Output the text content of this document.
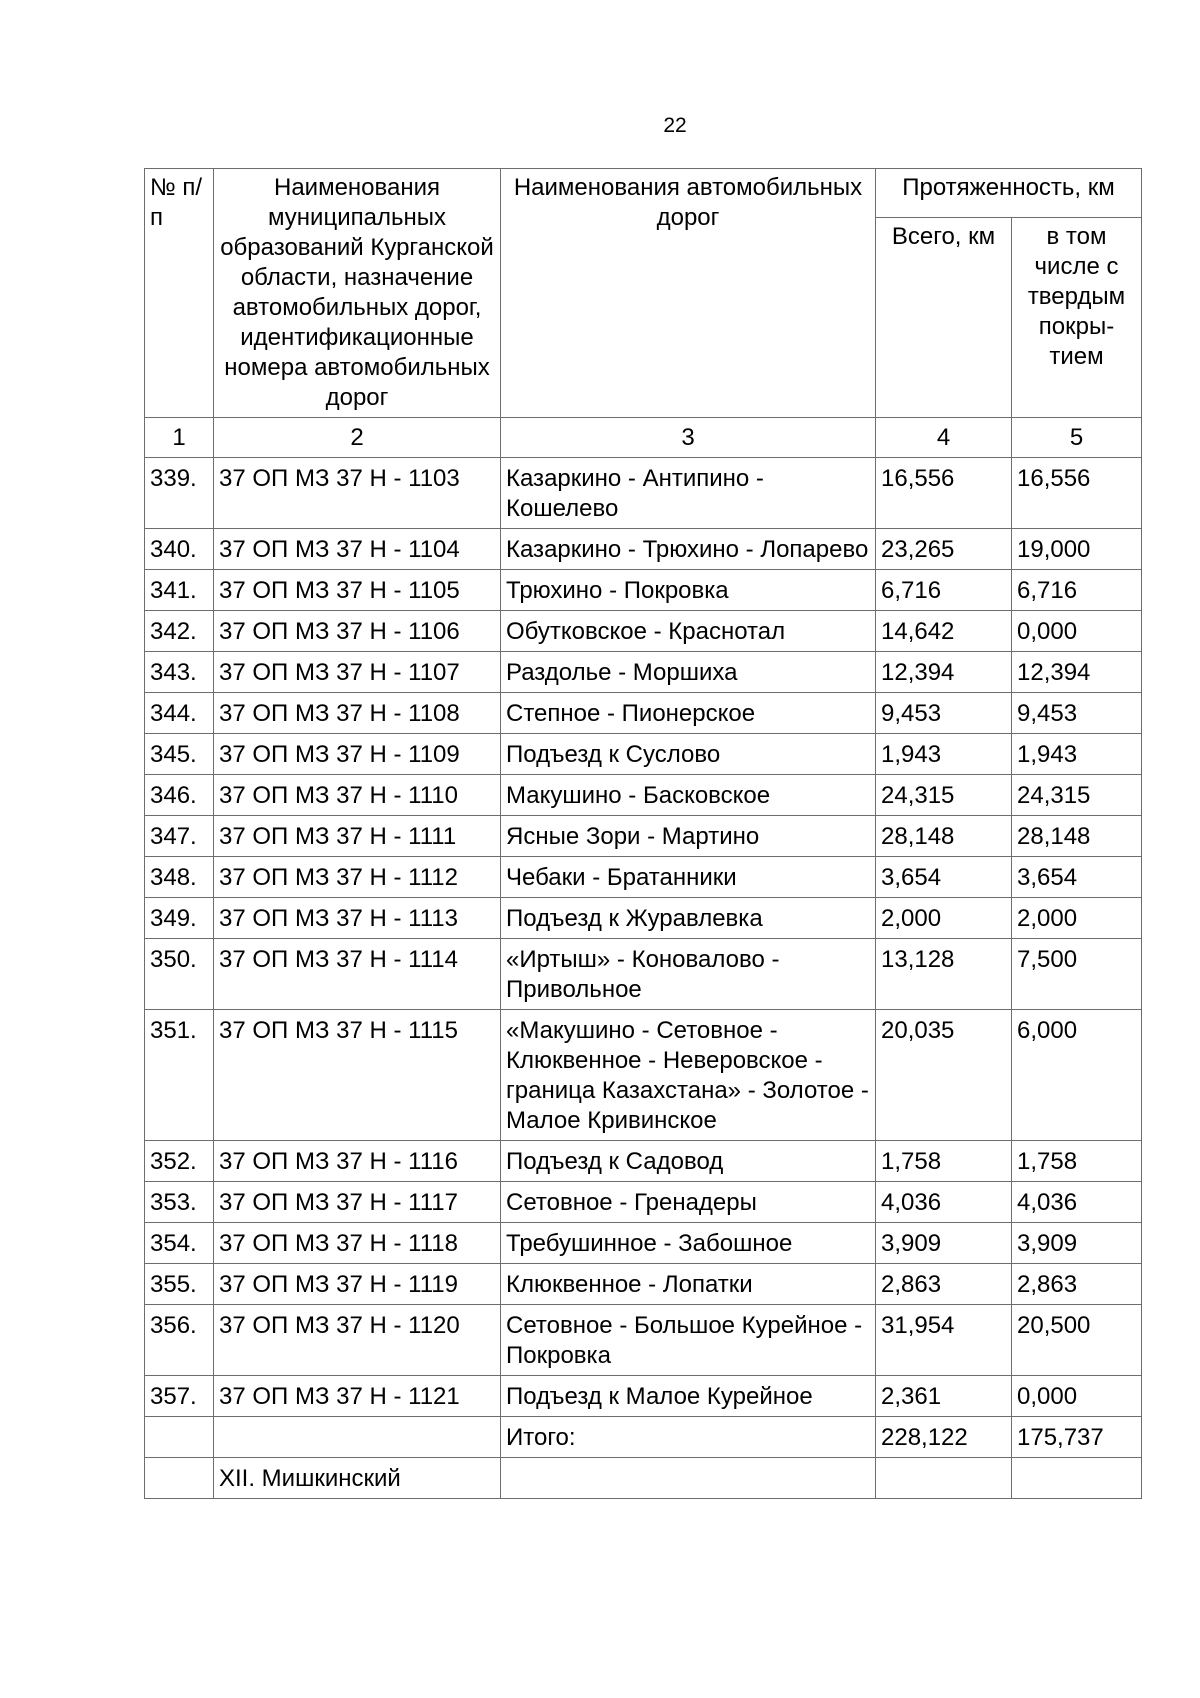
22
№ п/п	Наименования муниципальных образований Курганской области, назначение автомобильных дорог, идентификационные номера автомобильных дорог	Наименования автомобильных дорог	Протяженность, км	
			Всего, км	в том числе с твердым покры-тием
1	2	3	4	5
339.	37 ОП МЗ 37 Н - 1103	Казаркино - Антипино - Кошелево	16,556	16,556
340.	37 ОП МЗ 37 Н - 1104	Казаркино - Трюхино - Лопарево	23,265	19,000
341.	37 ОП МЗ 37 Н - 1105	Трюхино - Покровка	6,716	6,716
342.	37 ОП МЗ 37 Н - 1106	Обутковское - Краснотал	14,642	0,000
343.	37 ОП МЗ 37 Н - 1107	Раздолье - Моршиха	12,394	12,394
344.	37 ОП МЗ 37 Н - 1108	Степное - Пионерское	9,453	9,453
345.	37 ОП МЗ 37 Н - 1109	Подъезд к Суслово	1,943	1,943
346.	37 ОП МЗ 37 Н - 1110	Макушино - Басковское	24,315	24,315
347.	37 ОП МЗ 37 Н - 1111	Ясные Зори - Мартино	28,148	28,148
348.	37 ОП МЗ 37 Н - 1112	Чебаки - Братанники	3,654	3,654
349.	37 ОП МЗ 37 Н - 1113	Подъезд к Журавлевка	2,000	2,000
350.	37 ОП МЗ 37 Н - 1114	«Иртыш» - Коновалово - Привольное	13,128	7,500
351.	37 ОП МЗ 37 Н - 1115	«Макушино - Сетовное - Клюквенное - Неверовское - граница Казахстана» - Золотое - Малое Кривинское	20,035	6,000
352.	37 ОП МЗ 37 Н - 1116	Подъезд к Садовод	1,758	1,758
353.	37 ОП МЗ 37 Н - 1117	Сетовное - Гренадеры	4,036	4,036
354.	37 ОП МЗ 37 Н - 1118	Требушинное - Забошное	3,909	3,909
355.	37 ОП МЗ 37 Н - 1119	Клюквенное - Лопатки	2,863	2,863
356.	37 ОП МЗ 37 Н - 1120	Сетовное - Большое Курейное - Покровка	31,954	20,500
357.	37 ОП МЗ 37 Н - 1121	Подъезд к Малое Курейное	2,361	0,000
		Итого:	228,122	175,737
	XII. Мишкинский			
